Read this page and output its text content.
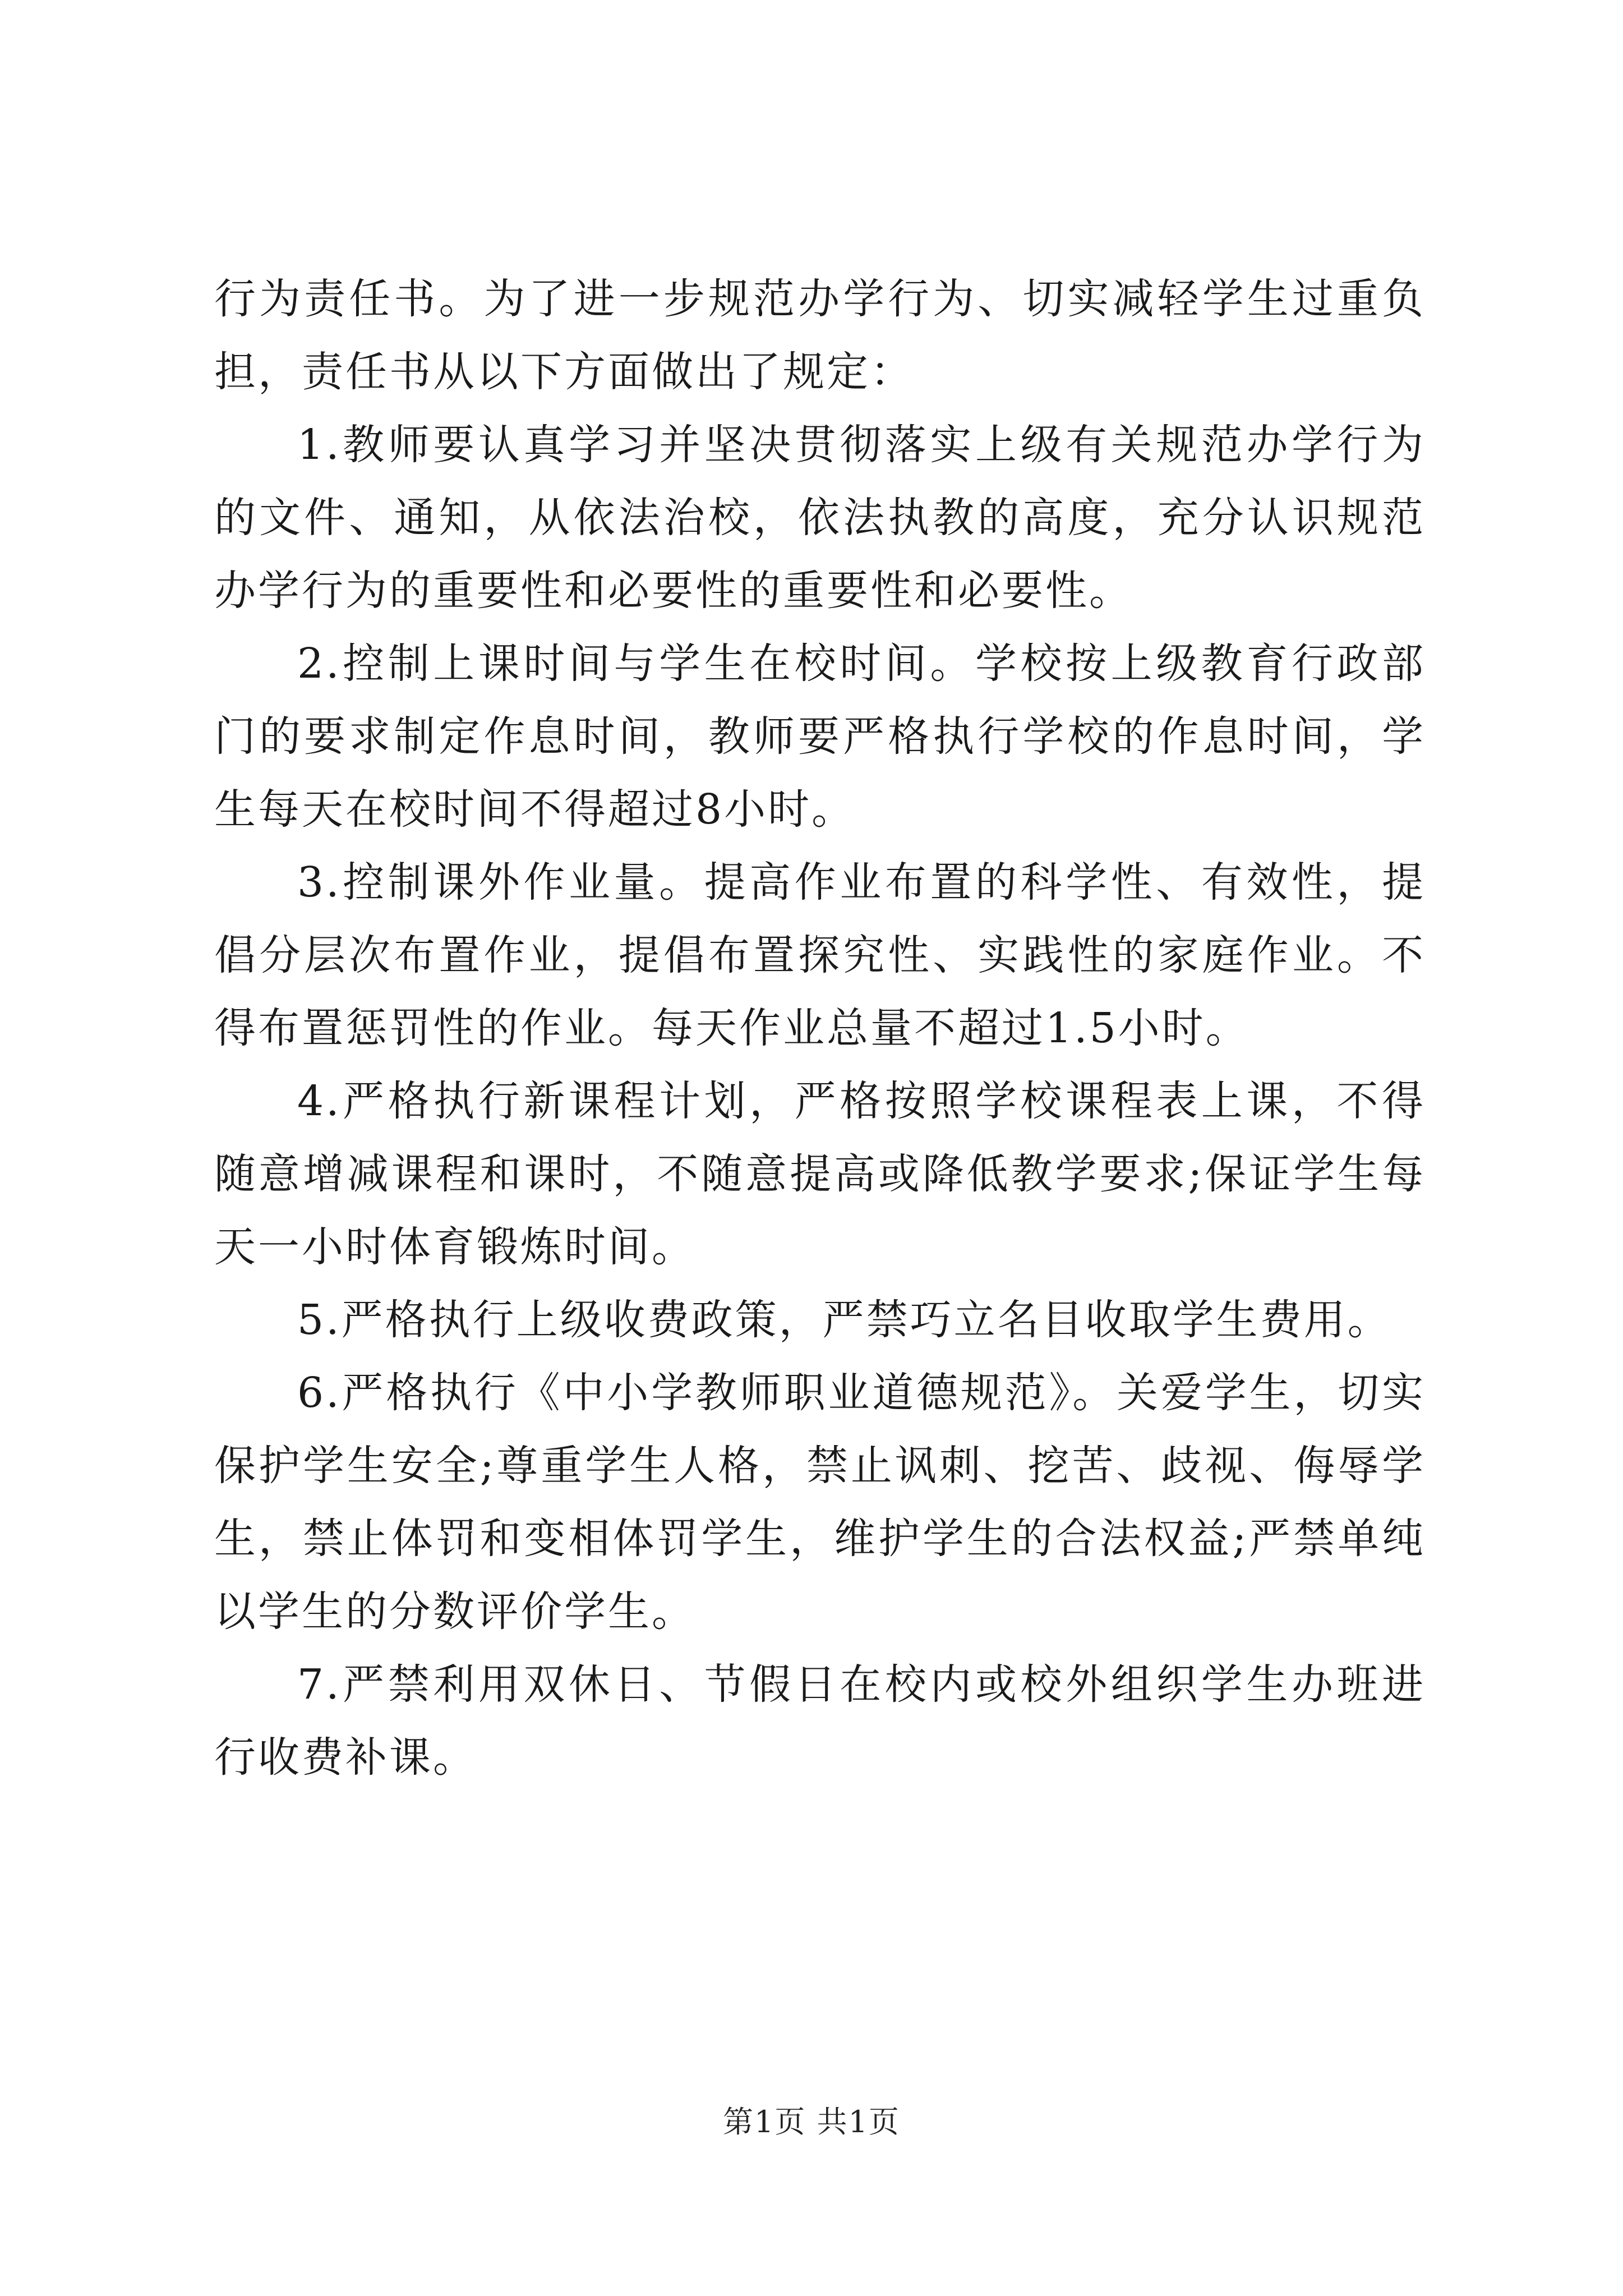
行为责任书。为了进一步规范办学行为、切实减轻学生过重负担，责任书从以下方面做出了规定：

1.教师要认真学习并坚决贯彻落实上级有关规范办学行为的文件、通知，从依法治校，依法执教的高度，充分认识规范办学行为的重要性和必要性的重要性和必要性。

2.控制上课时间与学生在校时间。学校按上级教育行政部门的要求制定作息时间，教师要严格执行学校的作息时间，学生每天在校时间不得超过8小时。

3.控制课外作业量。提高作业布置的科学性、有效性，提倡分层次布置作业，提倡布置探究性、实践性的家庭作业。不得布置惩罚性的作业。每天作业总量不超过1.5小时。

4.严格执行新课程计划，严格按照学校课程表上课，不得随意增减课程和课时，不随意提高或降低教学要求;保证学生每天一小时体育锻炼时间。

5.严格执行上级收费政策，严禁巧立名目收取学生费用。

6.严格执行《中小学教师职业道德规范》。关爱学生，切实保护学生安全;尊重学生人格，禁止讽刺、挖苦、歧视、侮辱学生，禁止体罚和变相体罚学生，维护学生的合法权益;严禁单纯以学生的分数评价学生。

7.严禁利用双休日、节假日在校内或校外组织学生办班进行收费补课。

第1页 共1页
